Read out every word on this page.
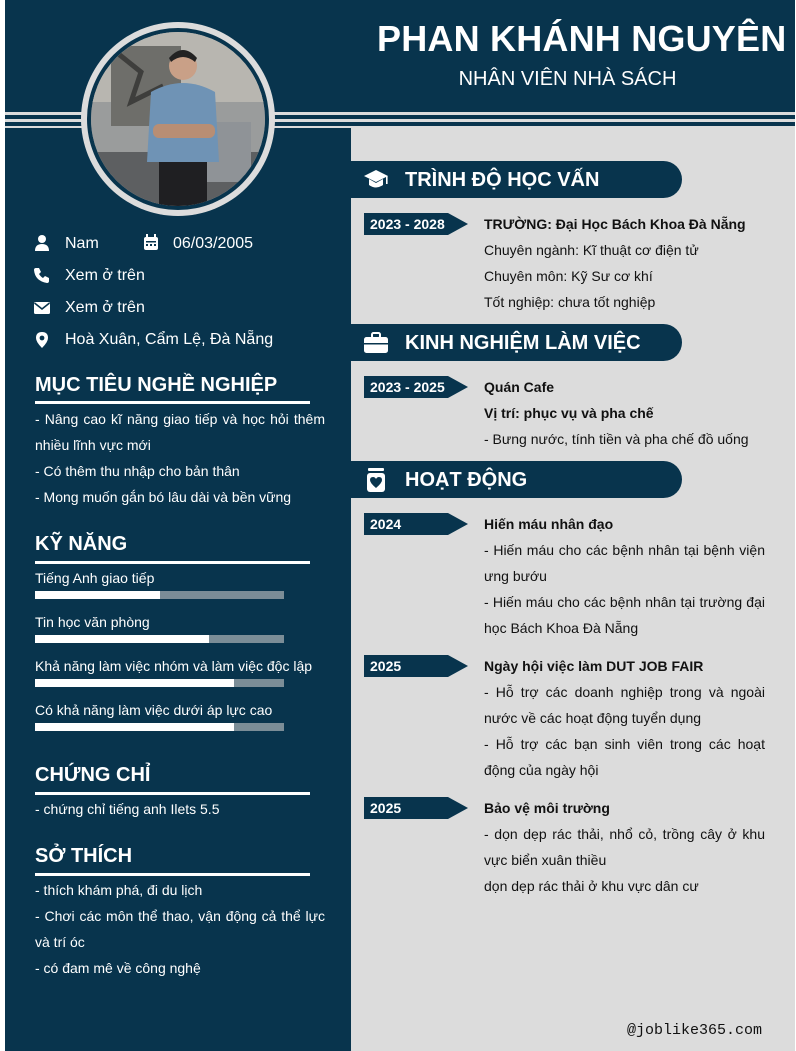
PHAN KHÁNH NGUYÊN
NHÂN VIÊN NHÀ SÁCH
Nam	06/03/2005
Xem ở trên
Xem ở trên
Hoà Xuân, Cẩm Lệ, Đà Nẵng
MỤC TIÊU NGHỀ NGHIỆP

- Nâng cao kĩ năng giao tiếp và học hỏi thêm nhiều lĩnh vực mới

- Có thêm thu nhập cho bản thân

- Mong muốn gắn bó lâu dài và bền vững

KỸ NĂNG
Tiếng Anh giao tiếp
Tin học văn phòng
Khả năng làm việc nhóm và làm việc độc lập
Có khả năng làm việc dưới áp lực cao
CHỨNG CHỈ

- chứng chỉ tiếng anh Ilets 5.5

SỞ THÍCH

- thích khám phá, đi du lịch

- Chơi các môn thể thao, vận động cả thể lực và trí óc

- có đam mê về công nghệ

TRÌNH ĐỘ HỌC VẤN
2023 - 2028	TRƯỜNG: Đại Học Bách Khoa Đà Nẵng

Chuyên ngành: Kĩ thuật cơ điện tử

Chuyên môn: Kỹ Sư cơ khí

Tốt nghiệp: chưa tốt nghiệp

KINH NGHIỆM LÀM VIỆC
2023 - 2025	Quán Cafe

Vị trí: phục vụ và pha chế

- Bưng nước, tính tiền và pha chế đồ uống

HOẠT ĐỘNG
2024	Hiến máu nhân đạo

- Hiến máu cho các bệnh nhân tại bệnh viện ưng bướu

- Hiến máu cho các bệnh nhân tại trường đại học Bách Khoa Đà Nẵng

2025	Ngày hội việc làm DUT JOB FAIR

- Hỗ trợ các doanh nghiệp trong và ngoài nước về các hoạt động tuyển dụng

- Hỗ trợ các bạn sinh viên trong các hoạt động của ngày hội

2025	Bảo vệ môi trường

- dọn dẹp rác thải, nhổ cỏ, trồng cây ở khu vực biển xuân thiều

dọn dẹp rác thải ở khu vực dân cư

@joblike365.com
